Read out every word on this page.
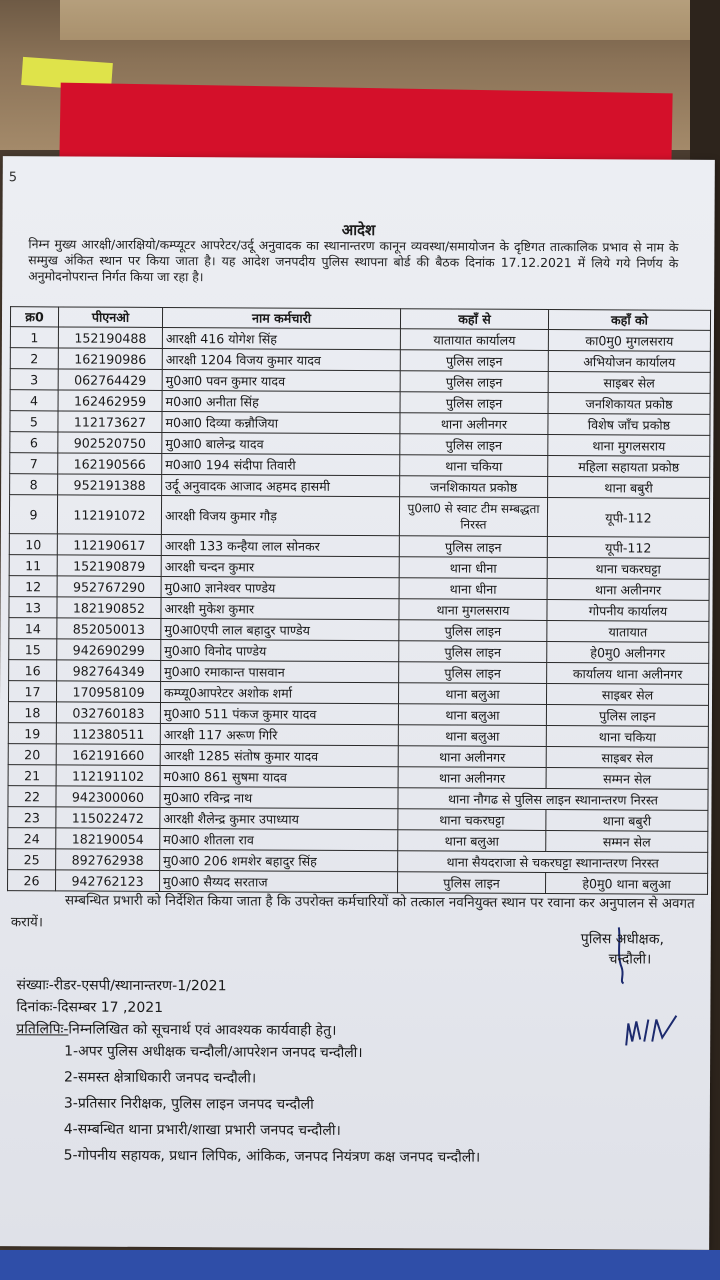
5
आदेश
निम्न मुख्य आरक्षी/आरक्षियो/कम्प्यूटर आपरेटर/उर्दू अनुवादक का स्थानान्तरण कानून व्यवस्था/समायोजन के दृष्टिगत तात्कालिक प्रभाव से नाम के सम्मुख अंकित स्थान पर किया जाता है। यह आदेश जनपदीय पुलिस स्थापना बोर्ड की बैठक दिनांक 17.12.2021 में लिये गये निर्णय के अनुमोदनोपरान्त निर्गत किया जा रहा है।
क्र0	पीएनओ	नाम कर्मचारी	कहाँ से	कहाँ को
1	152190488	आरक्षी 416 योगेश सिंह	यातायात कार्यालय	का0मु0 मुगलसराय
2	162190986	आरक्षी 1204 विजय कुमार यादव	पुलिस लाइन	अभियोजन कार्यालय
3	062764429	मु0आ0 पवन कुमार यादव	पुलिस लाइन	साइबर सेल
4	162462959	म0आ0 अनीता सिंह	पुलिस लाइन	जनशिकायत प्रकोष्ठ
5	112173627	म0आ0 दिव्या कन्नौजिया	थाना अलीनगर	विशेष जाँच प्रकोष्ठ
6	902520750	मु0आ0 बालेन्द्र यादव	पुलिस लाइन	थाना मुगलसराय
7	162190566	म0आ0 194 संदीपा तिवारी	थाना चकिया	महिला सहायता प्रकोष्ठ
8	952191388	उर्दू अनुवादक आजाद अहमद हासमी	जनशिकायत प्रकोष्ठ	थाना बबुरी
9	112191072	आरक्षी विजय कुमार गौड़	पु0ला0 से स्वाट टीम सम्बद्धता निरस्त	यूपी-112
10	112190617	आरक्षी 133 कन्हैया लाल सोनकर	पुलिस लाइन	यूपी-112
11	152190879	आरक्षी चन्दन कुमार	थाना धीना	थाना चकरघट्टा
12	952767290	मु0आ0 ज्ञानेश्वर पाण्डेय	थाना धीना	थाना अलीनगर
13	182190852	आरक्षी मुकेश कुमार	थाना मुगलसराय	गोपनीय कार्यालय
14	852050013	मु0आ0एपी लाल बहादुर पाण्डेय	पुलिस लाइन	यातायात
15	942690299	मु0आ0 विनोद पाण्डेय	पुलिस लाइन	हे0मु0 अलीनगर
16	982764349	मु0आ0 रमाकान्त पासवान	पुलिस लाइन	कार्यालय थाना अलीनगर
17	170958109	कम्प्यू0आपरेटर अशोक शर्मा	थाना बलुआ	साइबर सेल
18	032760183	मु0आ0 511 पंकज कुमार यादव	थाना बलुआ	पुलिस लाइन
19	112380511	आरक्षी 117 अरूण गिरि	थाना बलुआ	थाना चकिया
20	162191660	आरक्षी 1285 संतोष कुमार यादव	थाना अलीनगर	साइबर सेल
21	112191102	म0आ0 861 सुषमा यादव	थाना अलीनगर	सम्मन सेल
22	942300060	मु0आ0 रविन्द्र नाथ	थाना नौगढ से पुलिस लाइन स्थानान्तरण निरस्त	
23	115022472	आरक्षी शैलेन्द्र कुमार उपाध्याय	थाना चकरघट्टा	थाना बबुरी
24	182190054	म0आ0 शीतला राव	थाना बलुआ	सम्मन सेल
25	892762938	मु0आ0 206 शमशेर बहादुर सिंह	थाना सैयदराजा से चकरघट्टा स्थानान्तरण निरस्त	
26	942762123	मु0आ0 सैय्यद सरताज	पुलिस लाइन	हे0मु0 थाना बलुआ
सम्बन्धित प्रभारी को निर्देशित किया जाता है कि उपरोक्त कर्मचारियों को तत्काल नवनियुक्त स्थान पर रवाना कर अनुपालन से अवगत करायें।
पुलिस अधीक्षक,
चन्दौली।
संख्याः-रीडर-एसपी/स्थानान्तरण-1/2021
दिनांकः-दिसम्बर 17 ,2021
प्रतिलिपिः-निम्नलिखित को सूचनार्थ एवं आवश्यक कार्यवाही हेतु।
1-अपर पुलिस अधीक्षक चन्दौली/आपरेशन जनपद चन्दौली।
2-समस्त क्षेत्राधिकारी जनपद चन्दौली।
3-प्रतिसार निरीक्षक, पुलिस लाइन जनपद चन्दौली
4-सम्बन्धित थाना प्रभारी/शाखा प्रभारी जनपद चन्दौली।
5-गोपनीय सहायक, प्रधान लिपिक, आंकिक, जनपद नियंत्रण कक्ष जनपद चन्दौली।
